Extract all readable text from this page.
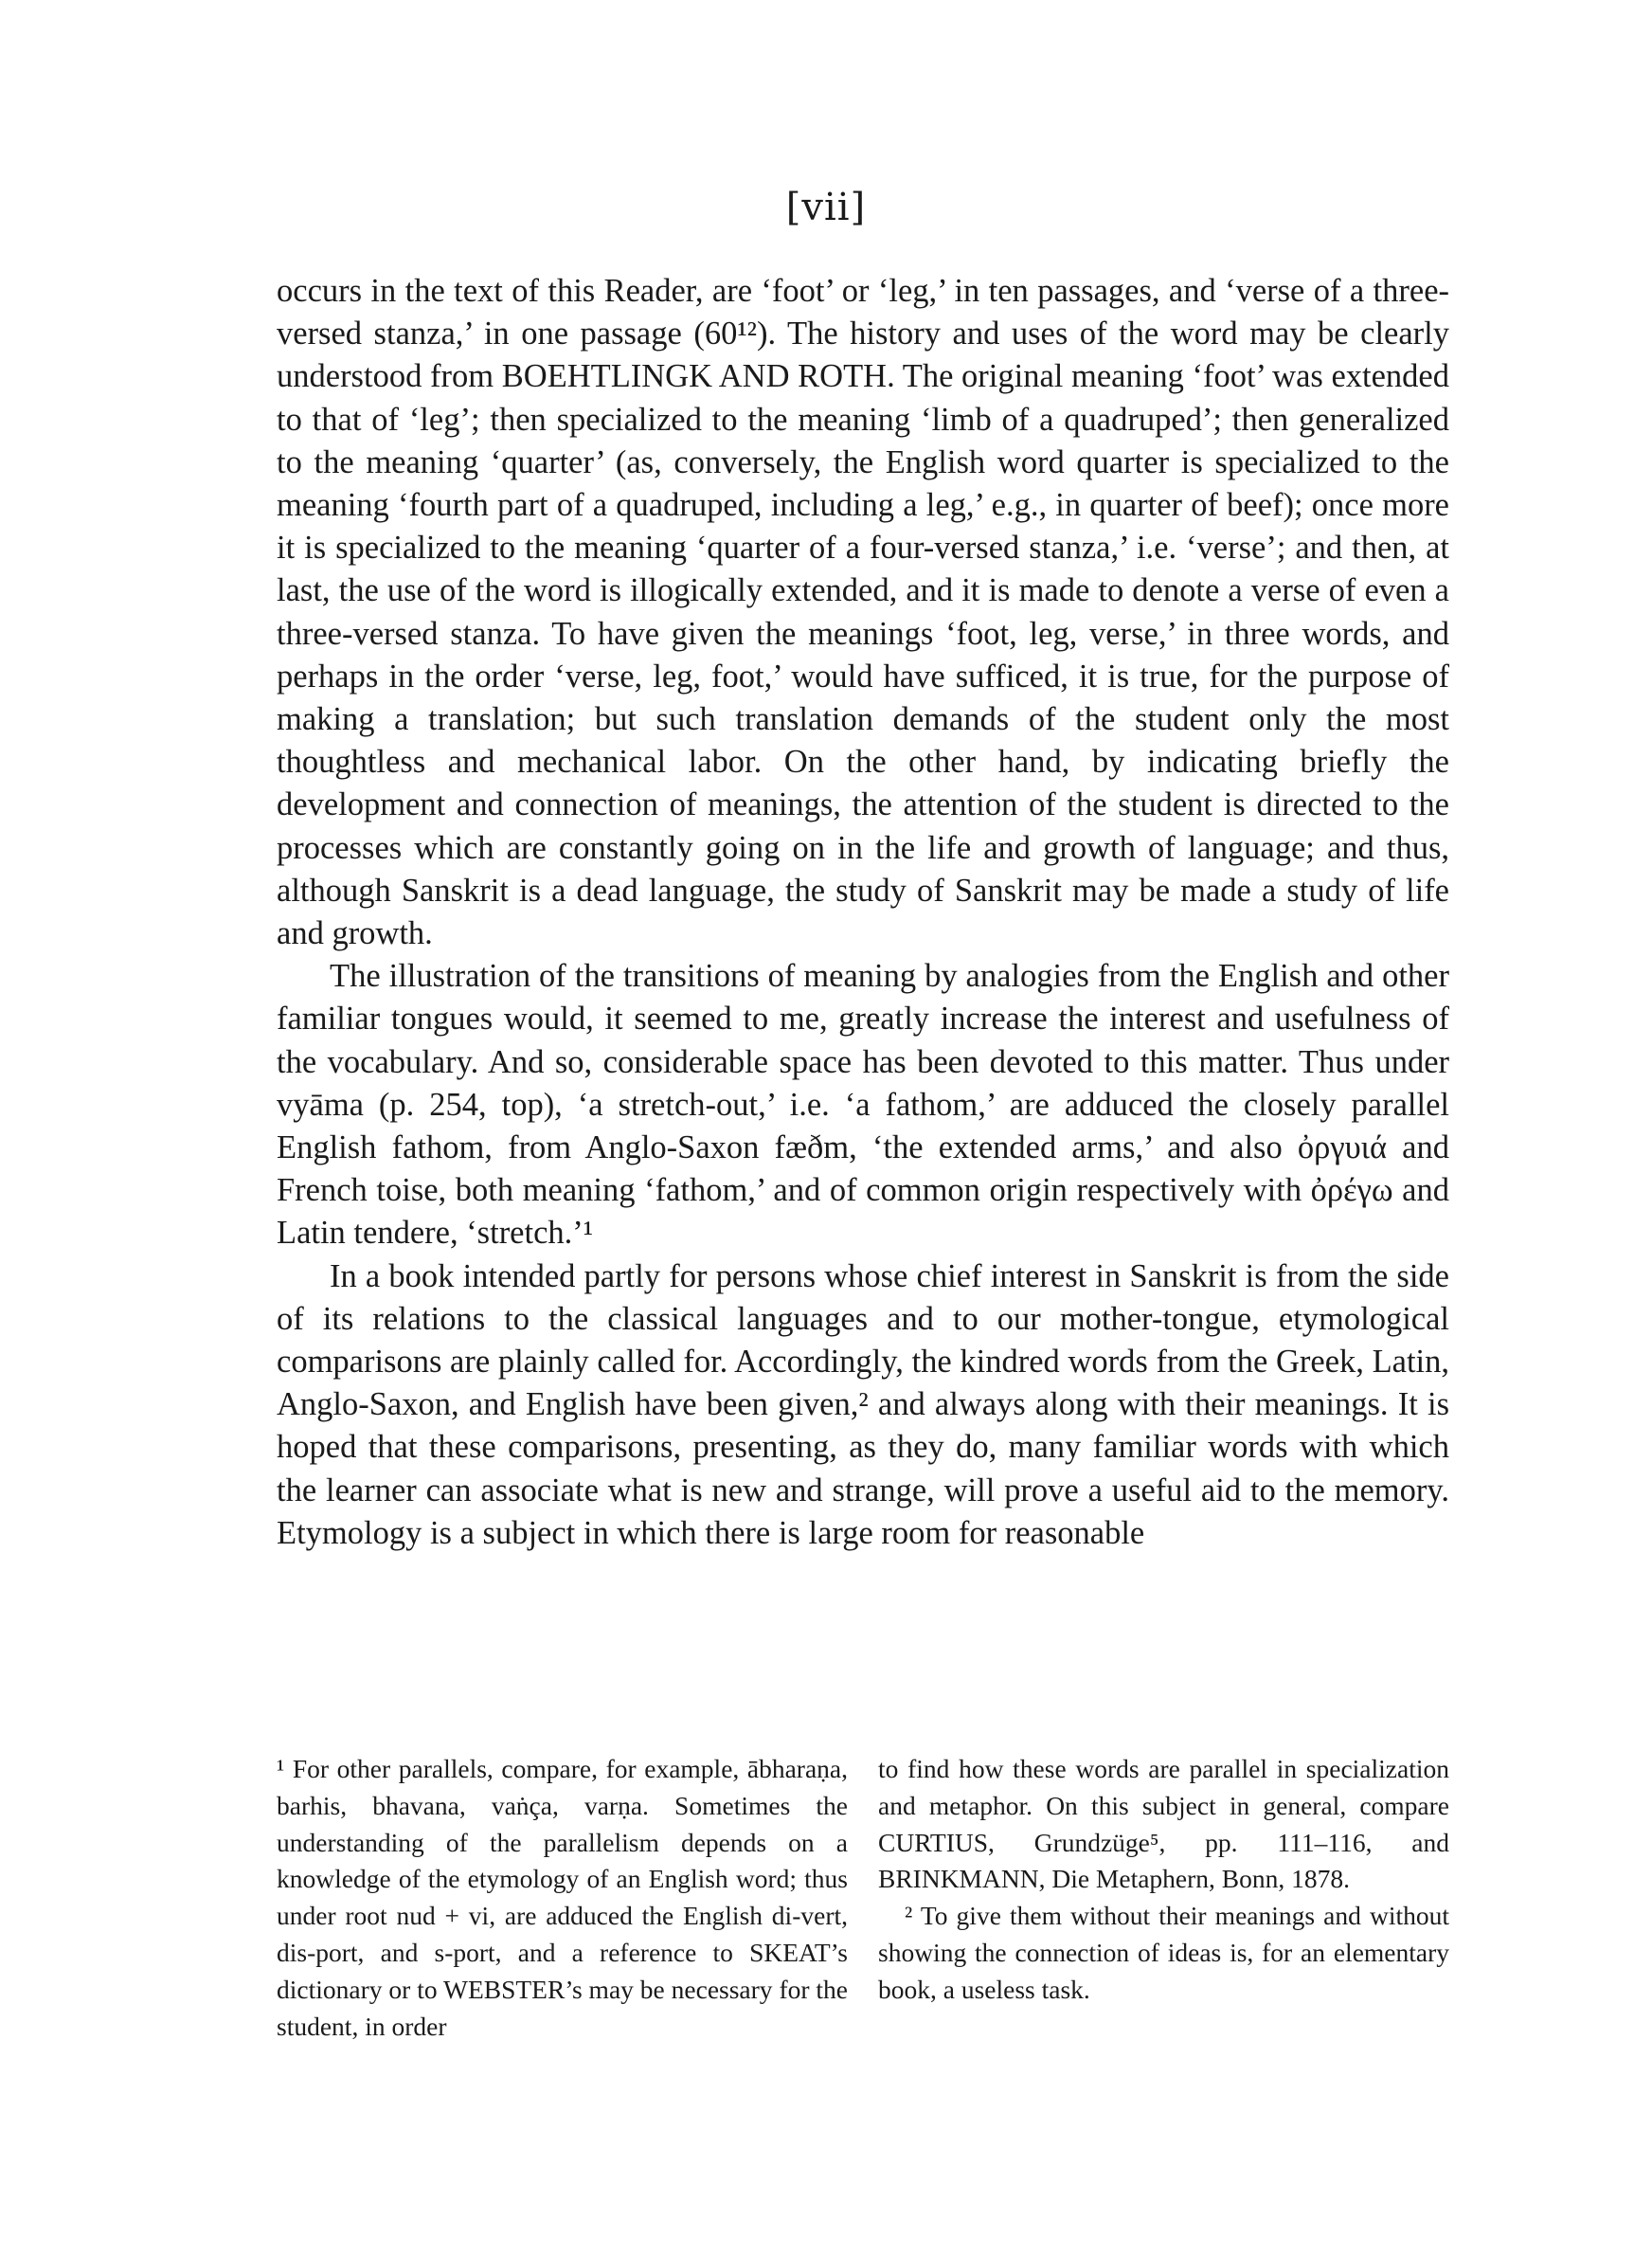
[vii]

occurs in the text of this Reader, are ‘foot’ or ‘leg,’ in ten passages, and ‘verse of a three-versed stanza,’ in one passage (60¹²). The history and uses of the word may be clearly understood from BOEHTLINGK AND ROTH. The original meaning ‘foot’ was extended to that of ‘leg’; then specialized to the meaning ‘limb of a quadruped’; then generalized to the meaning ‘quarter’ (as, conversely, the English word quarter is specialized to the meaning ‘fourth part of a quadruped, including a leg,’ e.g., in quarter of beef); once more it is specialized to the meaning ‘quarter of a four-versed stanza,’ i.e. ‘verse’; and then, at last, the use of the word is illogically extended, and it is made to denote a verse of even a three-versed stanza. To have given the meanings ‘foot, leg, verse,’ in three words, and perhaps in the order ‘verse, leg, foot,’ would have sufficed, it is true, for the purpose of making a translation; but such translation demands of the student only the most thoughtless and mechanical labor. On the other hand, by indicating briefly the development and connection of meanings, the attention of the student is directed to the processes which are constantly going on in the life and growth of language; and thus, although Sanskrit is a dead language, the study of Sanskrit may be made a study of life and growth.

The illustration of the transitions of meaning by analogies from the English and other familiar tongues would, it seemed to me, greatly increase the interest and usefulness of the vocabulary. And so, considerable space has been devoted to this matter. Thus under vyāma (p. 254, top), ‘a stretch-out,’ i.e. ‘a fathom,’ are adduced the closely parallel English fathom, from Anglo-Saxon fæðm, ‘the extended arms,’ and also ὀργυιά and French toise, both meaning ‘fathom,’ and of common origin respectively with ὀρέγω and Latin tendere, ‘stretch.’¹

In a book intended partly for persons whose chief interest in Sanskrit is from the side of its relations to the classical languages and to our mother-tongue, etymological comparisons are plainly called for. Accordingly, the kindred words from the Greek, Latin, Anglo-Saxon, and English have been given,² and always along with their meanings. It is hoped that these comparisons, presenting, as they do, many familiar words with which the learner can associate what is new and strange, will prove a useful aid to the memory. Etymology is a subject in which there is large room for reasonable

¹ For other parallels, compare, for example, ābharaṇa, barhis, bhavana, vaṅça, varṇa. Sometimes the understanding of the parallelism depends on a knowledge of the etymology of an English word; thus under root nud + vi, are adduced the English di-vert, dis-port, and s-port, and a reference to SKEAT’s dictionary or to WEBSTER’s may be necessary for the student, in order

to find how these words are parallel in specialization and metaphor. On this subject in general, compare CURTIUS, Grundzüge⁵, pp. 111–116, and BRINKMANN, Die Metaphern, Bonn, 1878.

² To give them without their meanings and without showing the connection of ideas is, for an elementary book, a useless task.
